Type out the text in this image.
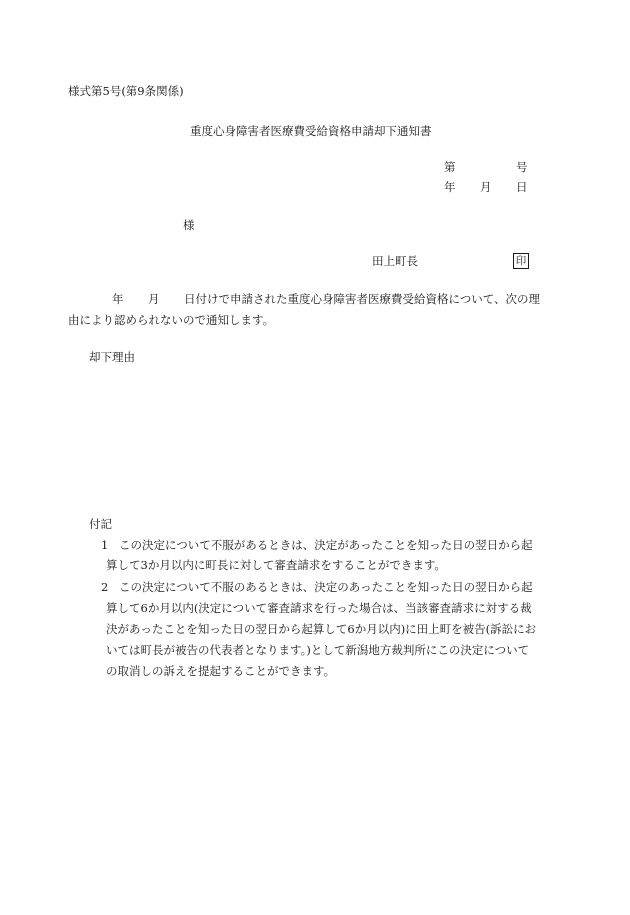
様式第5号(第9条関係)
重度心身障害者医療費受給資格申請却下通知書
第	号
年 月 日
様
田上町長	印
年 月 日付けで申請された重度心身障害者医療費受給資格について、次の理
由により認められないので通知します。
却下理由
付記
1 この決定について不服があるときは、決定があったことを知った日の翌日から起
算して3か月以内に町長に対して審査請求をすることができます。
2 この決定について不服のあるときは、決定のあったことを知った日の翌日から起
算して6か月以内(決定について審査請求を行った場合は、当該審査請求に対する裁
決があったことを知った日の翌日から起算して6か月以内)に田上町を被告(訴訟にお
いては町長が被告の代表者となります。)として新潟地方裁判所にこの決定について
の取消しの訴えを提起することができます。
